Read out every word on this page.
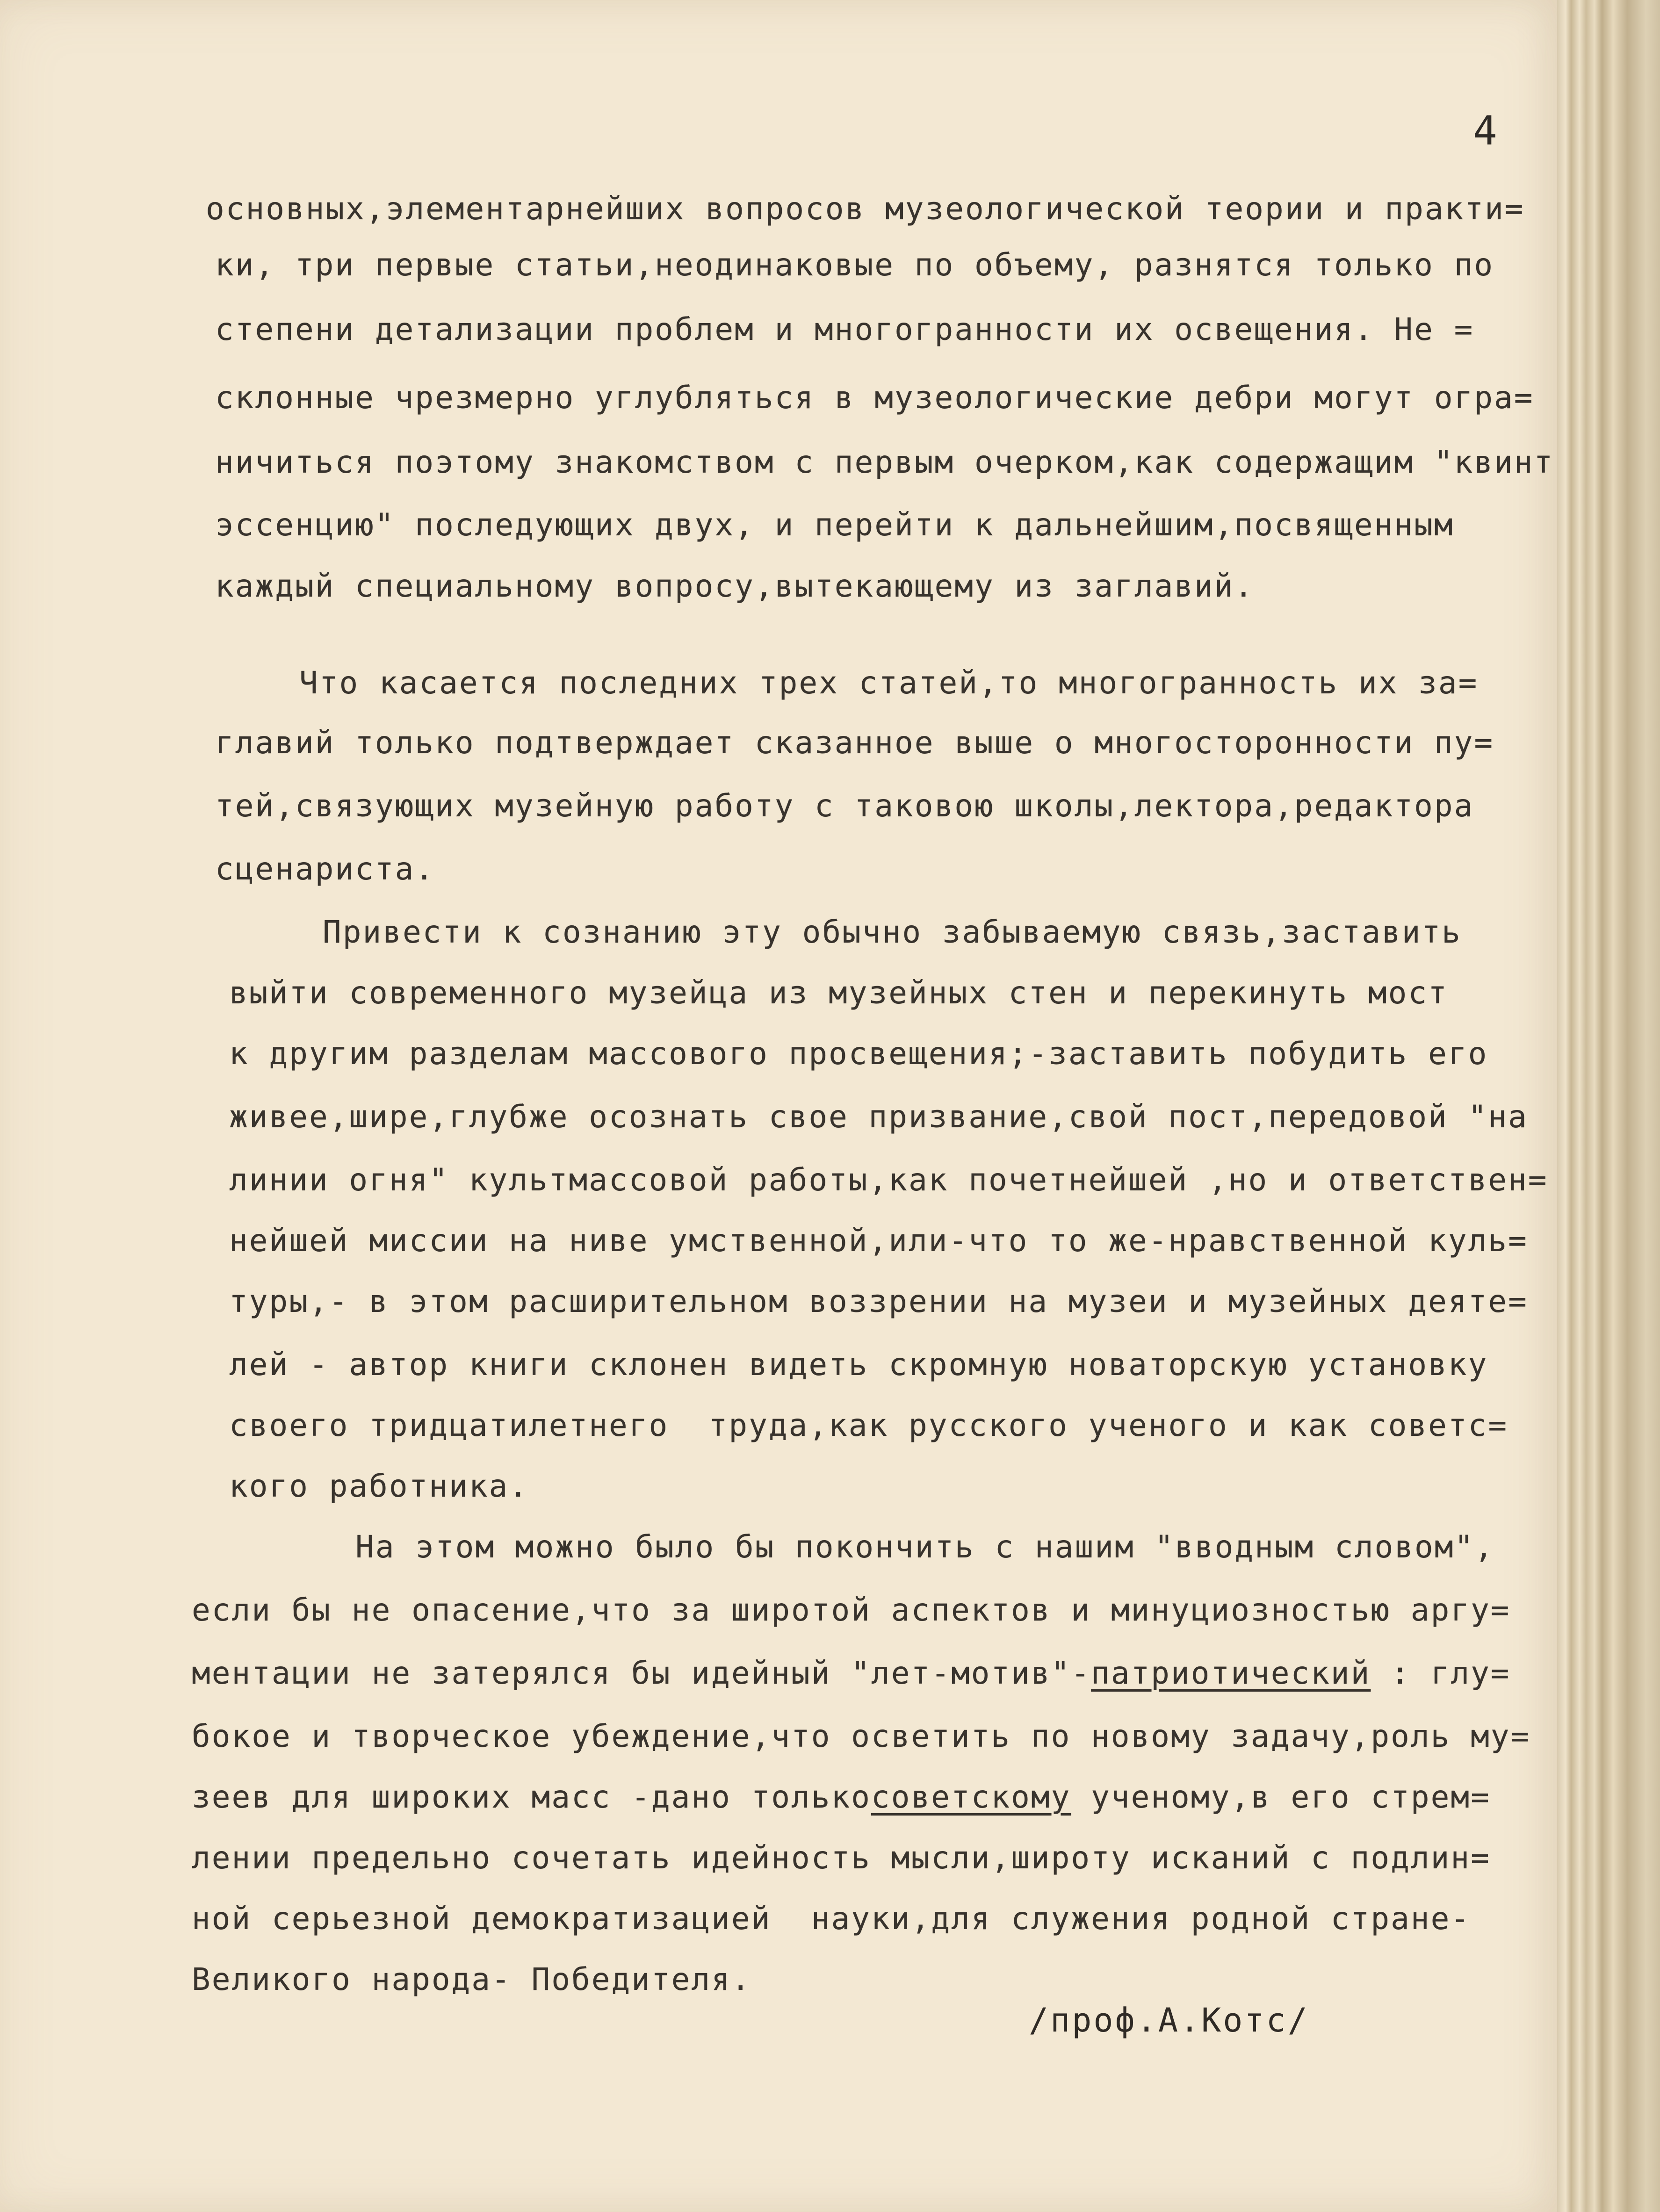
4

основных,элементарнейших вопросов музеологической теории и практи=

ки, три первые статьи,неодинаковые по объему, разнятся только по

степени детализации проблем и многогранности их освещения. Не =

склонные чрезмерно углубляться в музеологические дебри могут огра=

ничиться поэтому знакомством с первым очерком,как содержащим "квинт

эссенцию" последующих двух, и перейти к дальнейшим,посвященным

каждый специальному вопросу,вытекающему из заглавий.

Что касается последних трех статей,то многогранность их за=

главий только подтверждает сказанное выше о многосторонности пу=

тей,связующих музейную работу с таковою школы,лектора,редактора

сценариста.

Привести к сознанию эту обычно забываемую связь,заставить

выйти современного музейца из музейных стен и перекинуть мост

к другим разделам массового просвещения;-заставить побудить его

живее,шире,глубже осознать свое призвание,свой пост,передовой "на

линии огня" культмассовой работы,как почетнейшей ,но и ответствен=

нейшей миссии на ниве умственной,или-что то же-нравственной куль=

туры,- в этом расширительном воззрении на музеи и музейных деяте=

лей - автор книги склонен видеть скромную новаторскую установку

своего тридцатилетнего  труда,как русского ученого и как советс=

кого работника.

На этом можно было бы покончить с нашим "вводным словом",

если бы не опасение,что за широтой аспектов и минуциозностью аргу=

ментации не затерялся бы идейный "лет-мотив"-патриотический : глу=

бокое и творческое убеждение,что осветить по новому задачу,роль му=

зеев для широких масс -дано толькосоветскому ученому,в его стрем=

лении предельно сочетать идейность мысли,широту исканий с подлин=

ной серьезной демократизацией  науки,для служения родной стране-

Великого народа- Победителя.

/проф.А.Котс/
